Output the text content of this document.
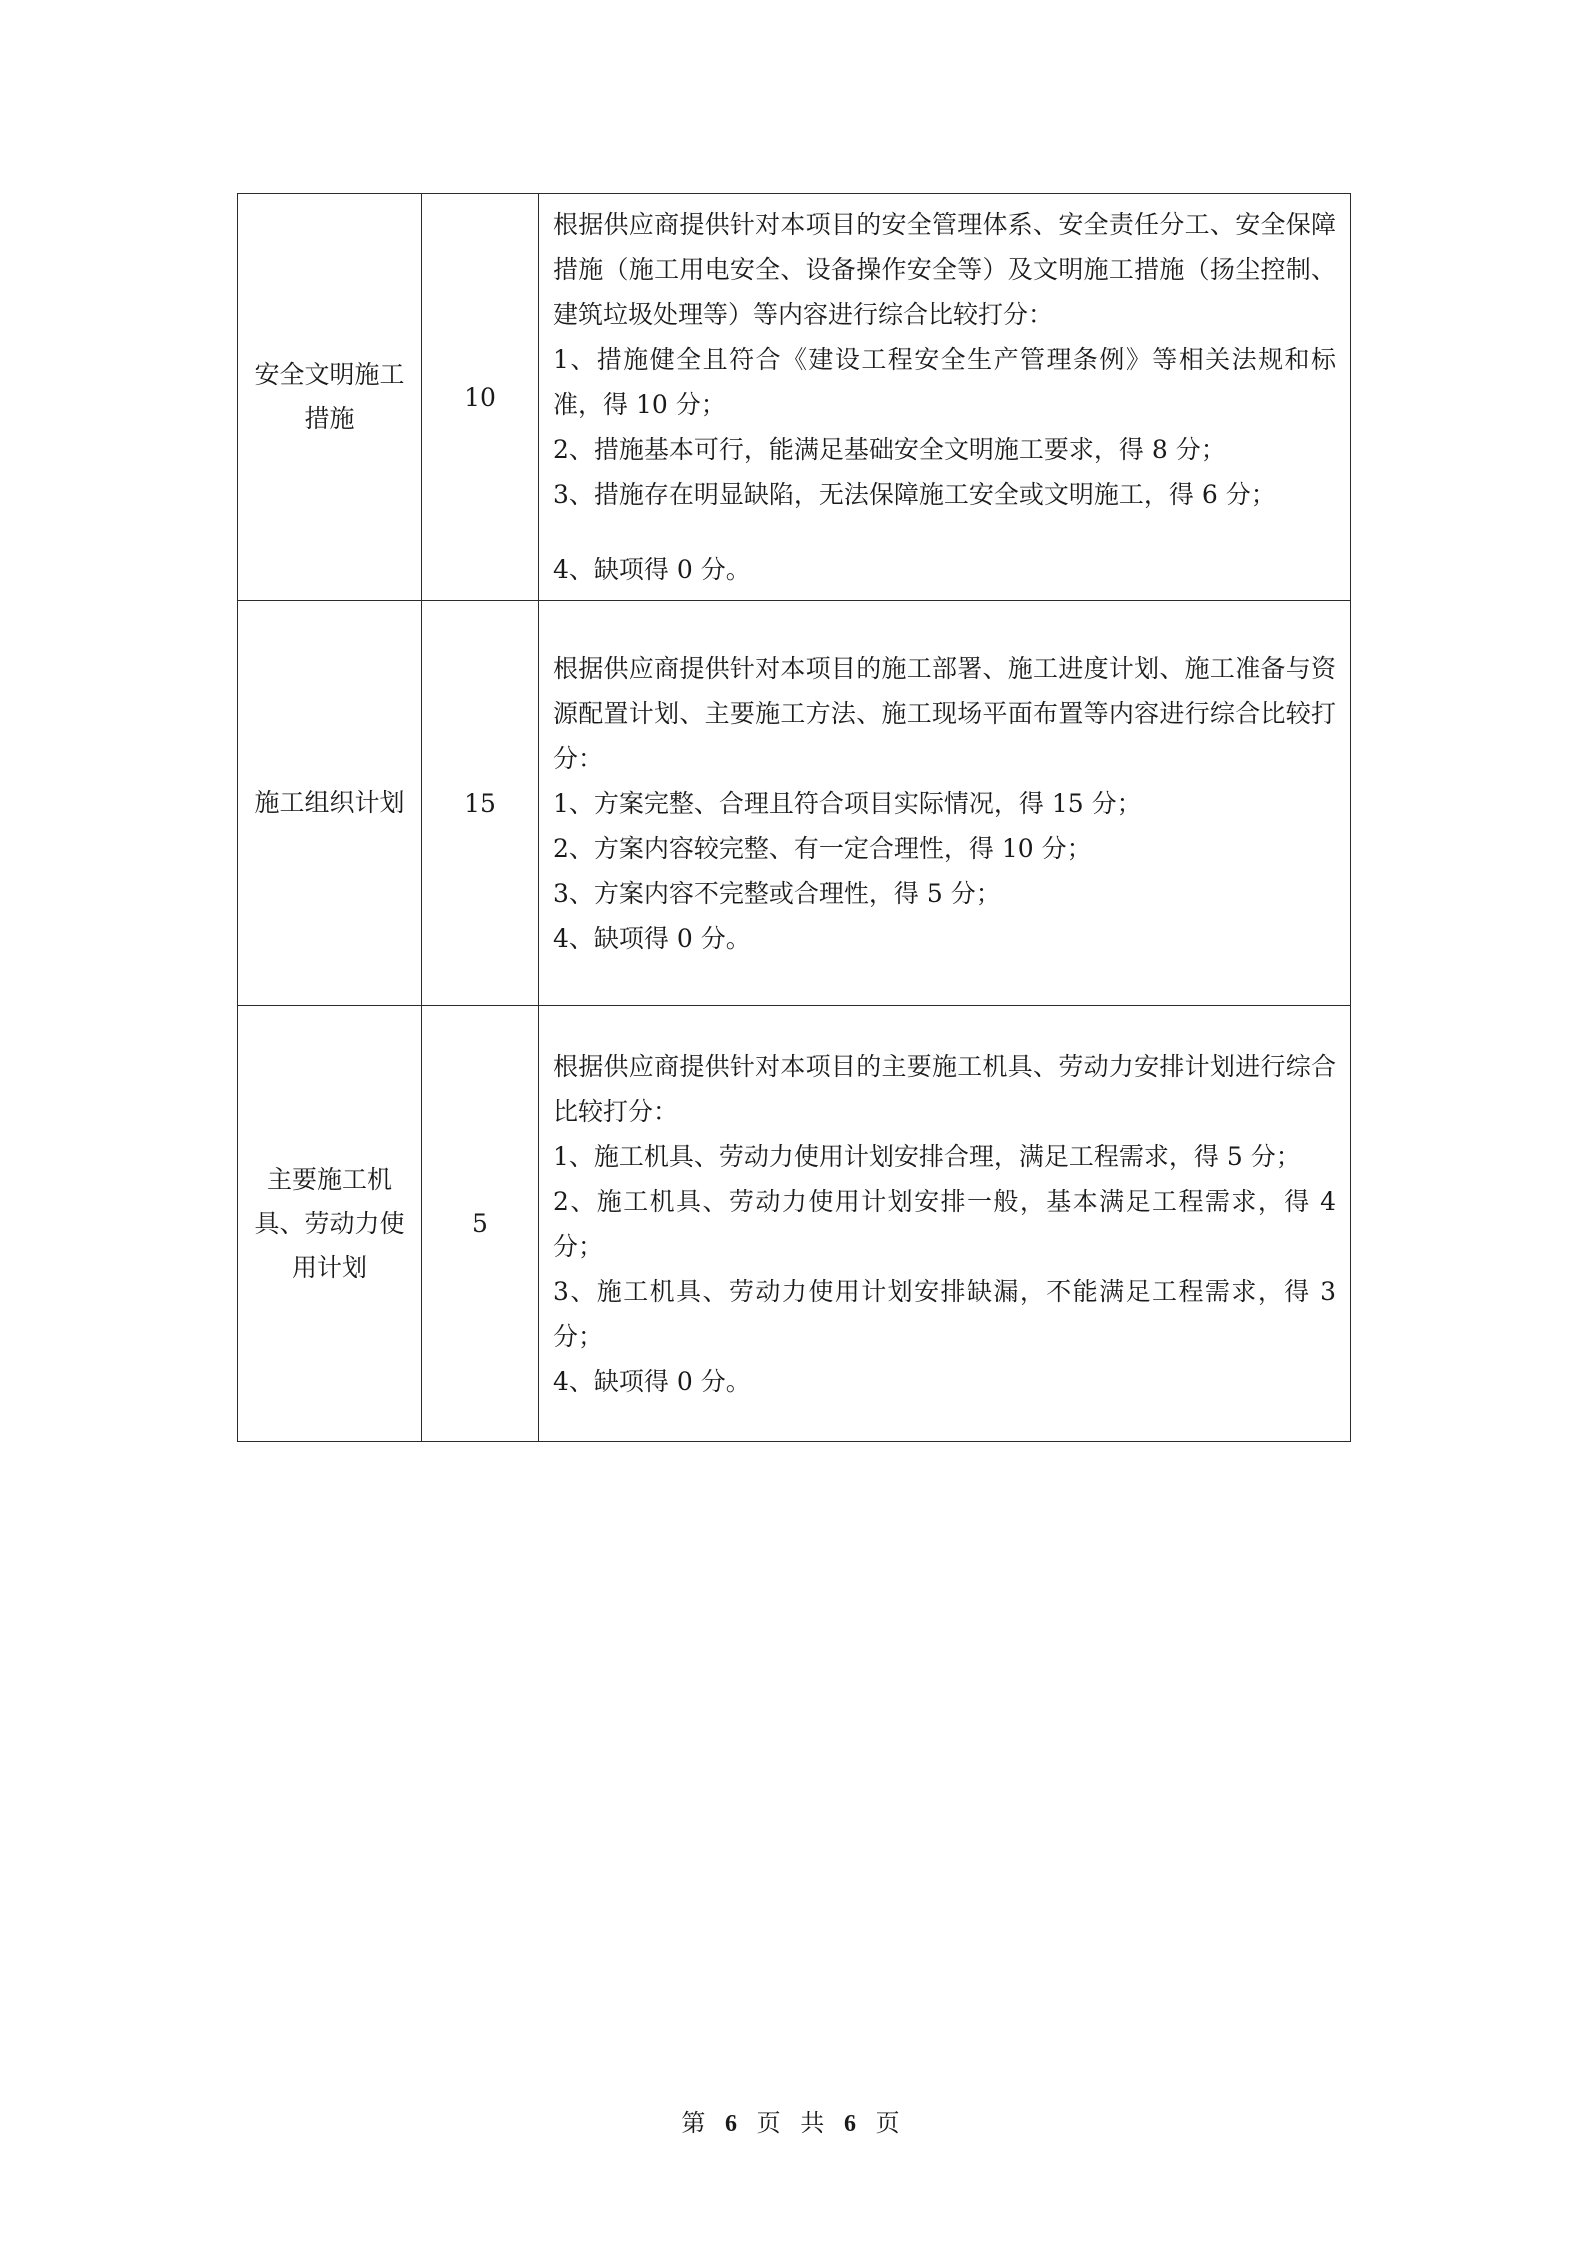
安全文明施工措施	10	根据供应商提供针对本项目的安全管理体系、安全责任分工、安全保障措施（施工用电安全、设备操作安全等）及文明施工措施（扬尘控制、建筑垃圾处理等）等内容进行综合比较打分：
1、措施健全且符合《建设工程安全生产管理条例》等相关法规和标准，得 10 分；
2、措施基本可行，能满足基础安全文明施工要求，得 8 分；
3、措施存在明显缺陷，无法保障施工安全或文明施工，得 6 分；
4、缺项得 0 分。

施工组织计划	15	根据供应商提供针对本项目的施工部署、施工进度计划、施工准备与资源配置计划、主要施工方法、施工现场平面布置等内容进行综合比较打分：
1、方案完整、合理且符合项目实际情况，得 15 分；
2、方案内容较完整、有一定合理性，得 10 分；
3、方案内容不完整或合理性，得 5 分；
4、缺项得 0 分。

主要施工机具、劳动力使用计划	5	根据供应商提供针对本项目的主要施工机具、劳动力安排计划进行综合比较打分：
1、施工机具、劳动力使用计划安排合理，满足工程需求，得 5 分；
2、施工机具、劳动力使用计划安排一般，基本满足工程需求，得 4 分；
3、施工机具、劳动力使用计划安排缺漏，不能满足工程需求，得 3 分；
4、缺项得 0 分。
第 6 页 共 6 页
